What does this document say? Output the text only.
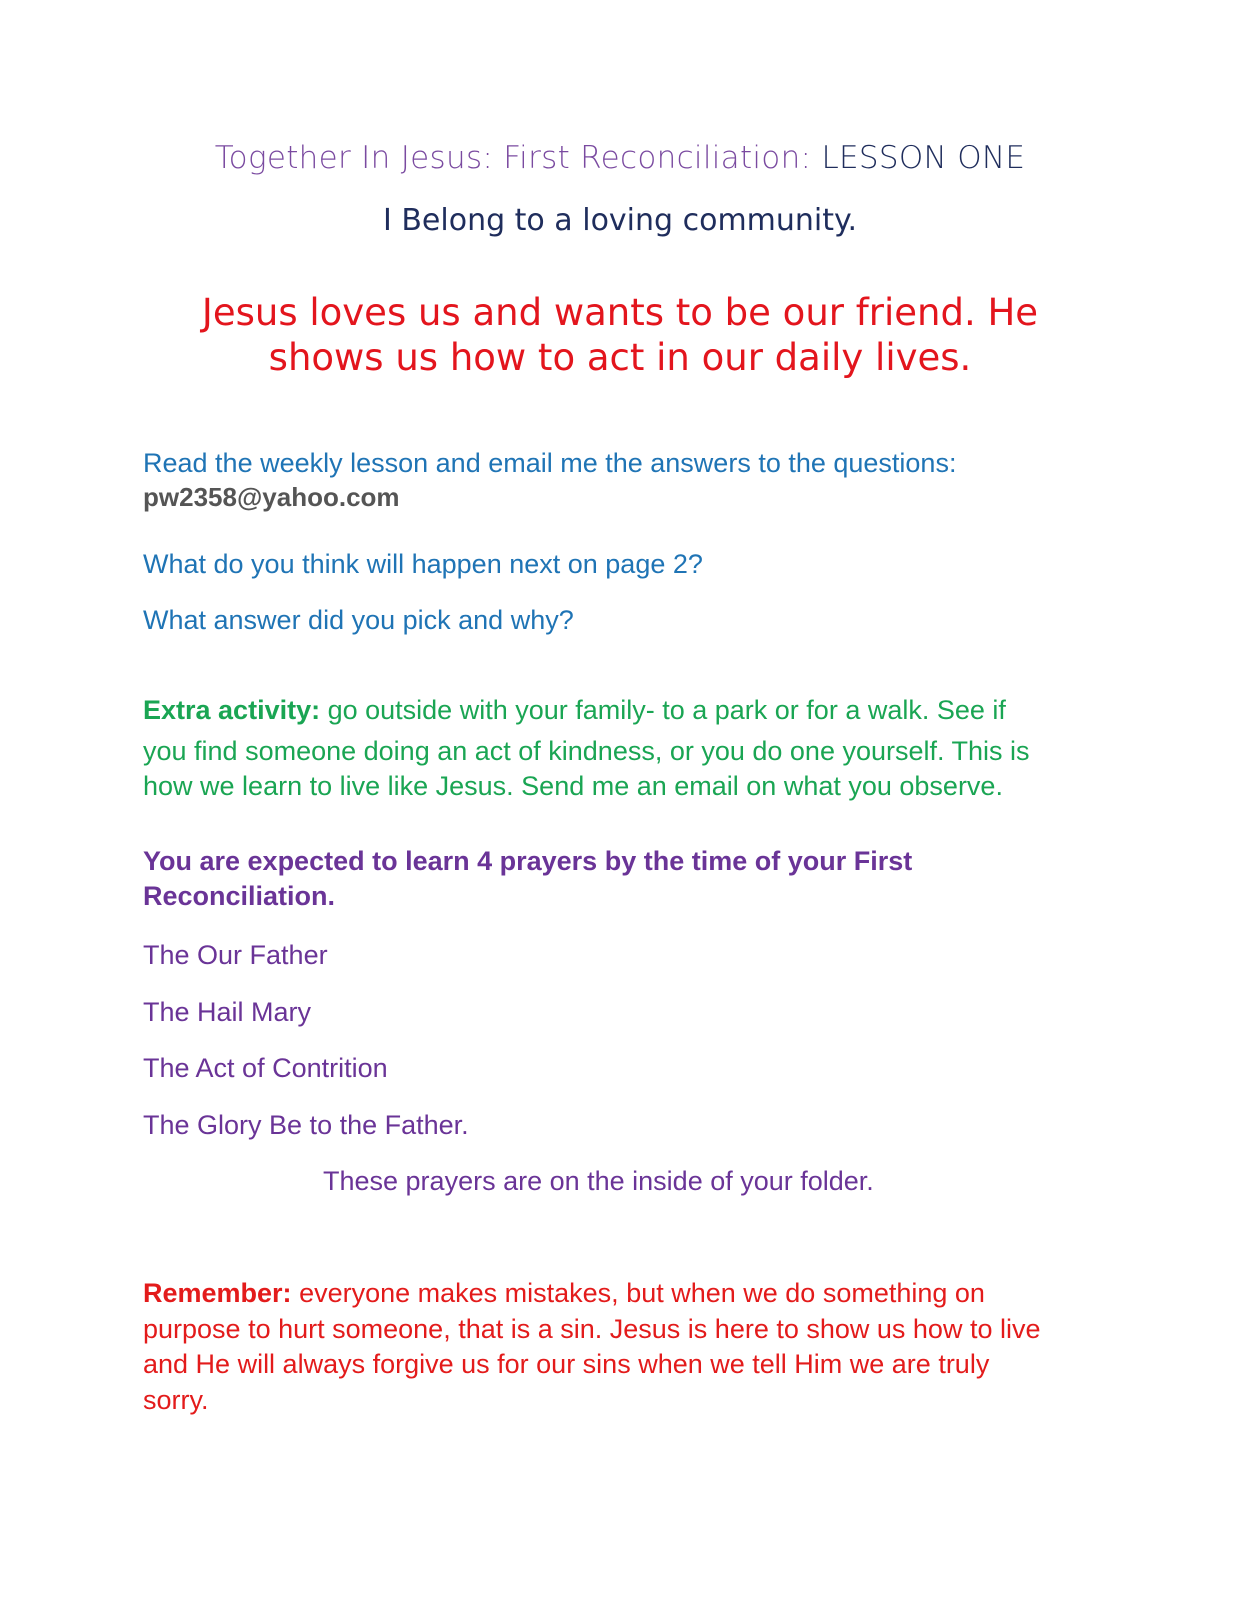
Together In Jesus: First Reconciliation: LESSON ONE
I Belong to a loving community.
Jesus loves us and wants to be our friend. He
shows us how to act in our daily lives.
Read the weekly lesson and email me the answers to the questions:
pw2358@yahoo.com
What do you think will happen next on page 2?
What answer did you pick and why?
Extra activity: go outside with your family- to a park or for a walk. See if
you find someone doing an act of kindness, or you do one yourself. This is
how we learn to live like Jesus. Send me an email on what you observe.
You are expected to learn 4 prayers by the time of your First
Reconciliation.
The Our Father
The Hail Mary
The Act of Contrition
The Glory Be to the Father.
These prayers are on the inside of your folder.
Remember: everyone makes mistakes, but when we do something on
purpose to hurt someone, that is a sin. Jesus is here to show us how to live
and He will always forgive us for our sins when we tell Him we are truly
sorry.
